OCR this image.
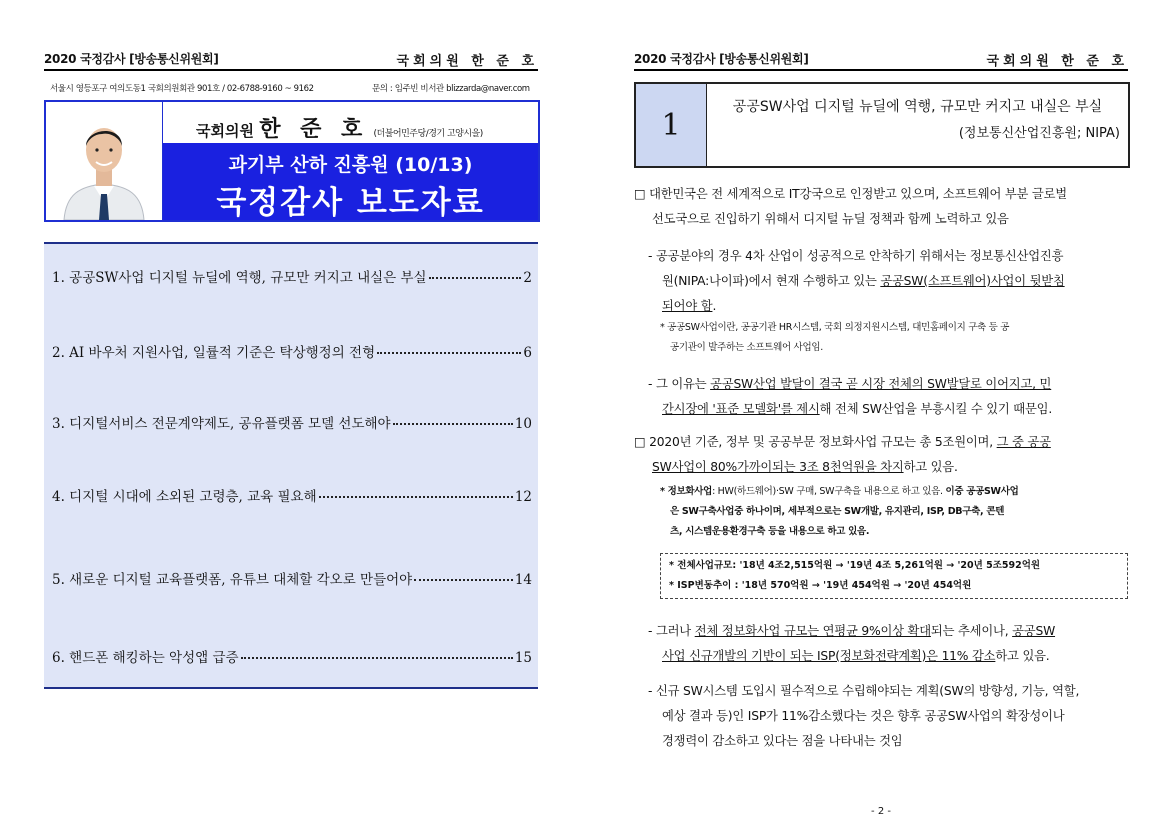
2020 국정감사 [방송통신위원회]	국회의원 한 준 호
서울시 영등포구 여의도동1 국회의원회관 901호 / 02-6788-9160 ~ 9162	문의 : 임주빈 비서관 blizzarda@naver.com
국회의원 한 준 호 (더불어민주당/경기 고양시을)
과기부 산하 진흥원 (10/13)
국정감사 보도자료
1. 공공SW사업 디지털 뉴딜에 역행, 규모만 커지고 내실은 부실	2
2. AI 바우처 지원사업, 일률적 기준은 탁상행정의 전형	6
3. 디지털서비스 전문계약제도, 공유플랫폼 모델 선도해야	10
4. 디지털 시대에 소외된 고령층, 교육 필요해	12
5. 새로운 디지털 교육플랫폼, 유튜브 대체할 각오로 만들어야	14
6. 핸드폰 해킹하는 악성앱 급증	15
2020 국정감사 [방송통신위원회]	국회의원 한 준 호
1
공공SW사업 디지털 뉴딜에 역행, 규모만 커지고 내실은 부실
(정보통신산업진흥원; NIPA)
□ 대한민국은 전 세계적으로 IT강국으로 인정받고 있으며, 소프트웨어 부분 글로벌
선도국으로 진입하기 위해서 디지털 뉴딜 정책과 함께 노력하고 있음
- 공공분야의 경우 4차 산업이 성공적으로 안착하기 위해서는 정보통신산업진흥
원(NIPA:나이파)에서 현재 수행하고 있는 공공SW(소프트웨어)사업이 뒷받침
되어야 함.
* 공공SW사업이란, 공공기관 HR시스템, 국회 의정지원시스템, 대민홈페이지 구축 등 공
공기관이 발주하는 소프트웨어 사업임.
- 그 이유는 공공SW산업 발달이 결국 곧 시장 전체의 SW발달로 이어지고, 민
간시장에 '표준 모델화'를 제시해 전체 SW산업을 부흥시킬 수 있기 때문임.
□ 2020년 기준, 정부 및 공공부문 정보화사업 규모는 총 5조원이며, 그 중 공공
SW사업이 80%가까이되는 3조 8천억원을 차지하고 있음.
* 정보화사업: HW(하드웨어)·SW 구매, SW구축을 내용으로 하고 있음. 이중 공공SW사업
은 SW구축사업중 하나이며, 세부적으로는 SW개발, 유지관리, ISP, DB구축, 콘텐
츠, 시스템운용환경구축 등을 내용으로 하고 있음.
* 전체사업규모: '18년 4조2,515억원 → '19년 4조 5,261억원 → '20년 5조592억원
* ISP변동추이 : '18년 570억원 → '19년 454억원 → '20년 454억원
- 그러나 전체 정보화사업 규모는 연평균 9%이상 확대되는 추세이나, 공공SW
사업 신규개발의 기반이 되는 ISP(정보화전략계획)은 11% 감소하고 있음.
- 신규 SW시스템 도입시 필수적으로 수립해야되는 계획(SW의 방향성, 기능, 역할,
예상 결과 등)인 ISP가 11%감소했다는 것은 향후 공공SW사업의 확장성이나
경쟁력이 감소하고 있다는 점을 나타내는 것임
- 2 -
